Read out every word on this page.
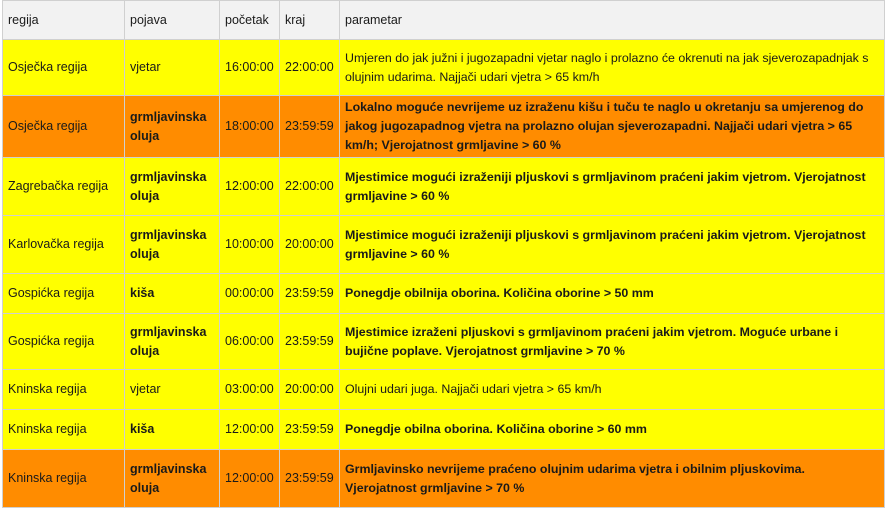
regija	pojava	početak	kraj	parametar
Osječka regija	vjetar	16:00:00	22:00:00	Umjeren do jak južni i jugozapadni vjetar naglo i prolazno će okrenuti na jak sjeverozapadnjak s olujnim udarima. Najjači udari vjetra > 65 km/h
Osječka regija	grmljavinska oluja	18:00:00	23:59:59	Lokalno moguće nevrijeme uz izraženu kišu i tuču te naglo u okretanju sa umjerenog do jakog jugozapadnog vjetra na prolazno olujan sjeverozapadni. Najjači udari vjetra > 65 km/h; Vjerojatnost grmljavine > 60 %
Zagrebačka regija	grmljavinska oluja	12:00:00	22:00:00	Mjestimice mogući izraženiji pljuskovi s grmljavinom praćeni jakim vjetrom. Vjerojatnost grmljavine > 60 %
Karlovačka regija	grmljavinska oluja	10:00:00	20:00:00	Mjestimice mogući izraženiji pljuskovi s grmljavinom praćeni jakim vjetrom. Vjerojatnost grmljavine > 60 %
Gospićka regija	kiša	00:00:00	23:59:59	Ponegdje obilnija oborina. Količina oborine > 50 mm
Gospićka regija	grmljavinska oluja	06:00:00	23:59:59	Mjestimice izraženi pljuskovi s grmljavinom praćeni jakim vjetrom. Moguće urbane i bujične poplave. Vjerojatnost grmljavine > 70 %
Kninska regija	vjetar	03:00:00	20:00:00	Olujni udari juga. Najjači udari vjetra > 65 km/h
Kninska regija	kiša	12:00:00	23:59:59	Ponegdje obilna oborina. Količina oborine > 60 mm
Kninska regija	grmljavinska oluja	12:00:00	23:59:59	Grmljavinsko nevrijeme praćeno olujnim udarima vjetra i obilnim pljuskovima. Vjerojatnost grmljavine > 70 %
